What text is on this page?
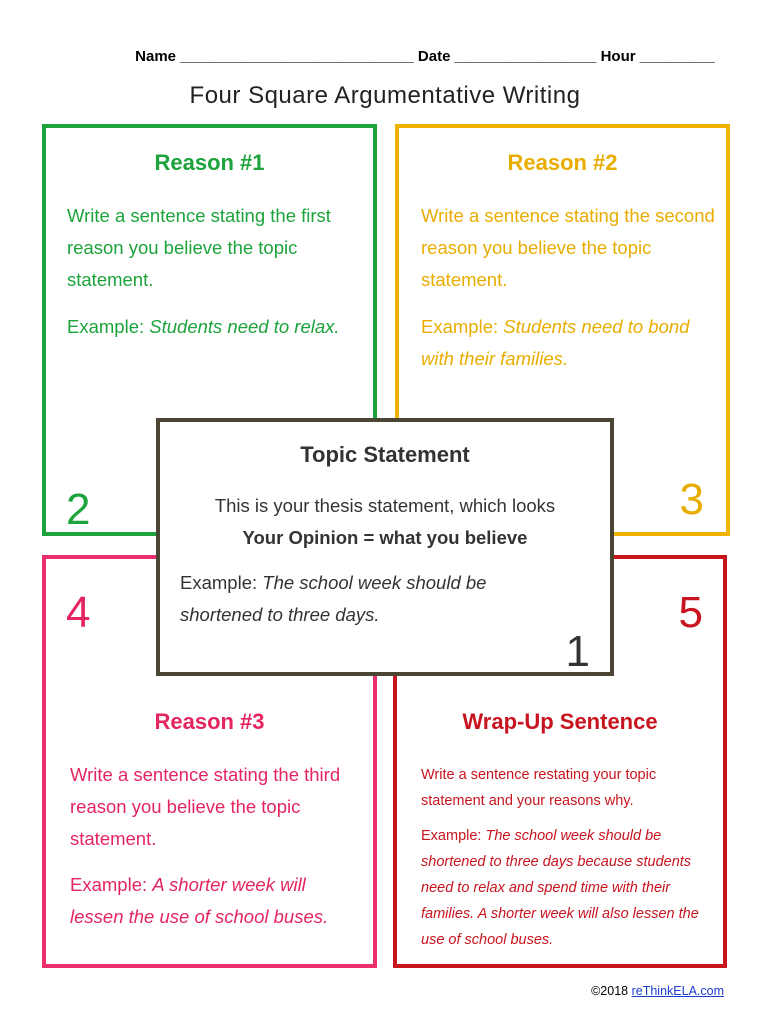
Name ____________________________ Date _________________ Hour _________
Four Square Argumentative Writing
Reason #1
Write a sentence stating the first reason you believe the topic statement.
Example: Students need to relax.
2
Reason #2
Write a sentence stating the second reason you believe the topic statement.
Example: Students need to bond with their families.
3
4
Reason #3
Write a sentence stating the third reason you believe the topic statement.
Example: A shorter week will lessen the use of school buses.
5
Wrap-Up Sentence
Write a sentence restating your topic statement and your reasons why.
Example: The school week should be shortened to three days because students need to relax and spend time with their families. A shorter week will also lessen the use of school buses.
Topic Statement
This is your thesis statement, which looks
Your Opinion = what you believe
Example: The school week should be shortened to three days.
1
©2018 reThinkELA.com
